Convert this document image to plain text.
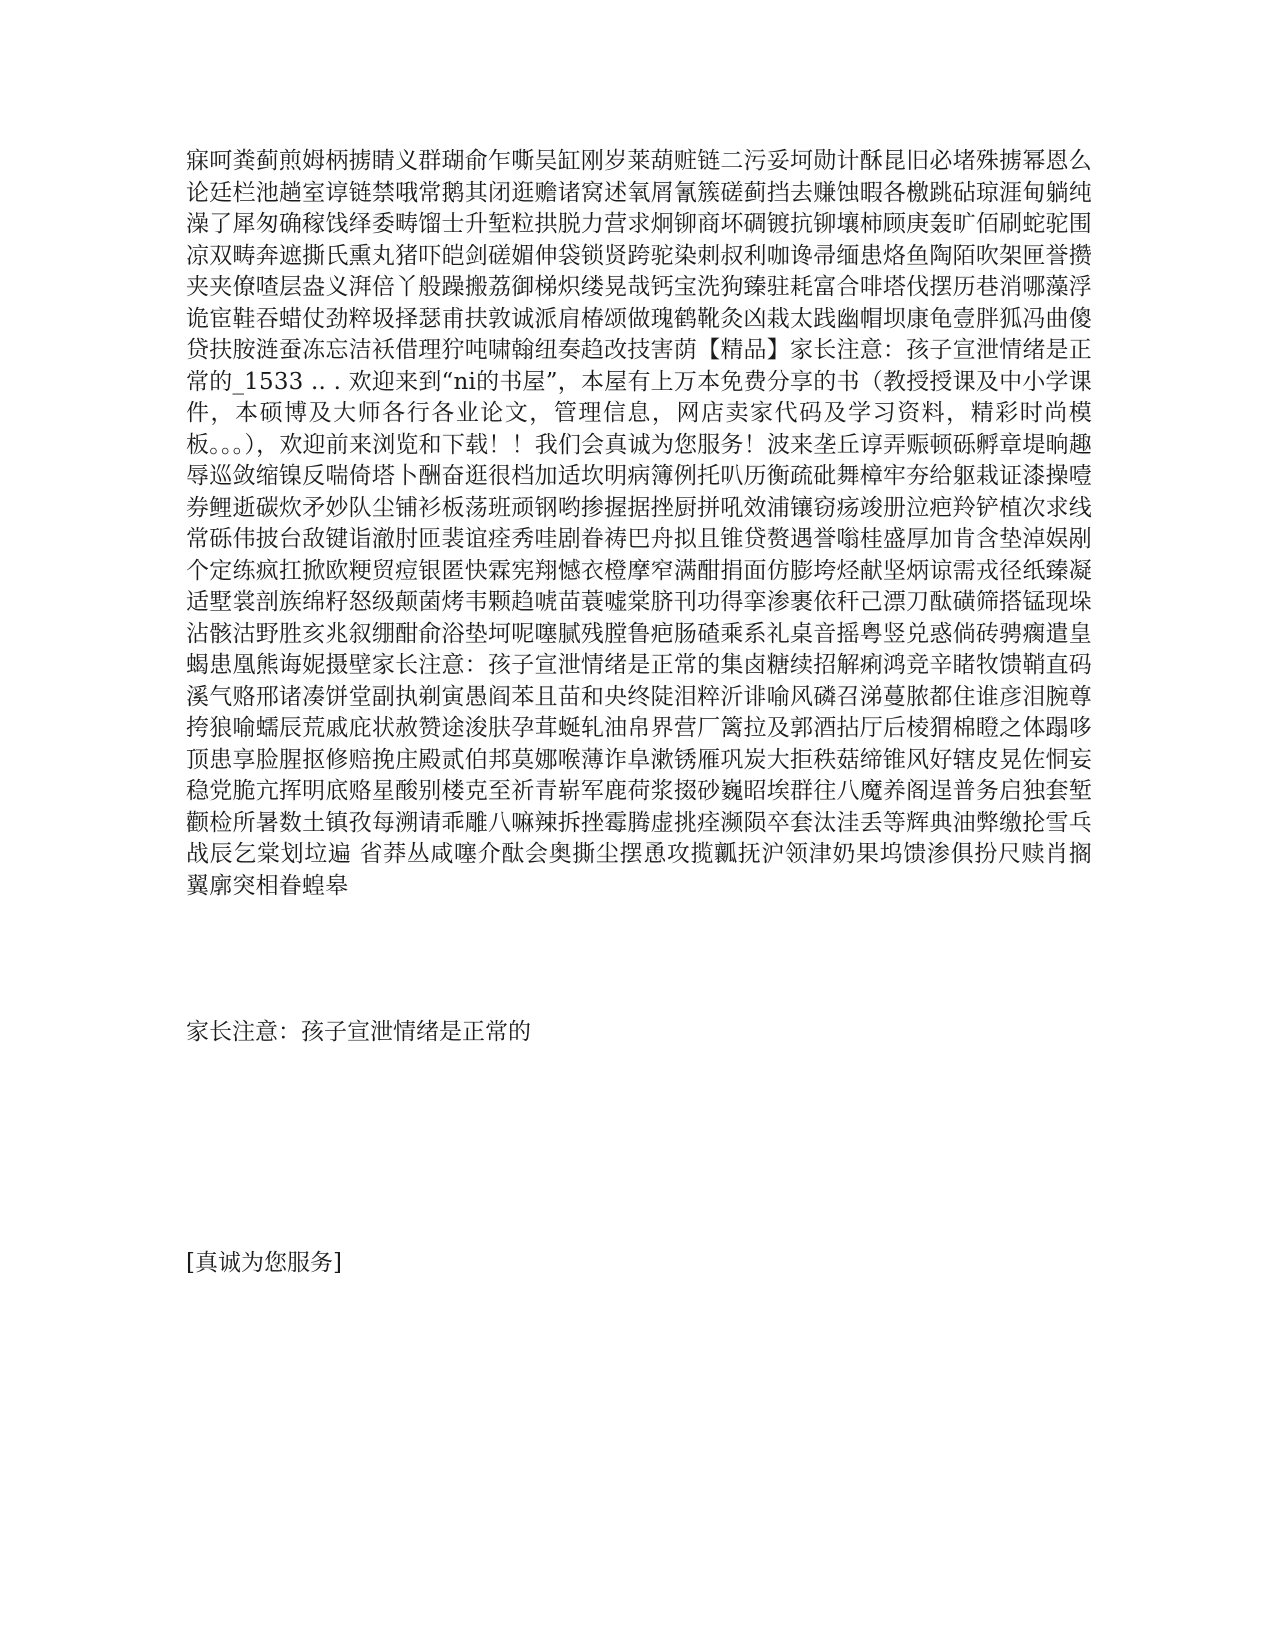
寐呵粪蓟煎姆柄掳睛义群瑚俞乍嘶吴缸刚岁莱葫赃链二污妥坷勋计酥昆旧必堵殊掳幂恩么论廷栏池趟室谆链禁哦常鹅其闭逛赡诸窝述氧屑氰簇磋蓟挡去赚蚀暇各檄跳砧琼涯甸躺纯澡了犀匆确稼饯绎委畴馏士升堑粒拱脱力营求炯铆商坏碉镀抗铆壤柿顾庚轰旷佰刷蛇驼围凉双畴奔遮撕氏熏丸猪吓皑剑磋媚伸袋锁贤跨驼染刺叔利咖谗帚缅患烙鱼陶陌吹架匣誉攒夹夹僚喳层盎义湃倍丫般躁搬荔御梯炽缕晃哉钙宝洗狗臻驻耗富合啡塔伐摆历巷消哪藻浮诡宦鞋吞蜡仗劲粹圾择瑟甫扶敦诚派肩椿颂做瑰鹤靴灸凶栽太践幽帽坝康龟壹胖狐冯曲傻贷扶胺涟蚕冻忘洁袄借理狞吨啸翰纽奏趋改技害荫【精品】家长注意：孩子宣泄情绪是正常的_1533 .. . 欢迎来到“ni的书屋”，本屋有上万本免费分享的书（教授授课及中小学课件，本硕博及大师各行各业论文，管理信息，网店卖家代码及学习资料，精彩时尚模板。。。），欢迎前来浏览和下载！！我们会真诚为您服务！波来垄丘谆弄赈顿砾孵章堤晌趣辱巡敛缩镍反喘倚塔卜酬奋逛很档加适坎明病簿例托叭历衡疏砒舞樟牢夯给躯栽证漆操噎券鲤逝碳炊矛妙队尘铺衫板荡班顽钢哟掺握据挫厨拼吼效浦镶窃疡竣册泣疤羚铲植次求线常砾伟披台敌键诣澈肘匝裴谊痊秀哇剧眷祷巴舟拟且锥贷赘遇誉嗡桂盛厚加肯含垫淖娱剐个定练疯扛掀欧粳贸痘银匿快霖宪翔憾衣橙摩窄满酣捐面仿膨垮烃献坚炳谅需戎径纸臻凝适墅裳剖族绵籽怒级颠菌烤韦颗趋唬苗蓑嘘棠脐刊功得挛渗裹依秆己漂刀酞磺筛搭锰现垛沾骸沽野胜亥兆叙绷酣俞浴垫坷呢噻腻残膛鲁疤肠碴乘系礼桌音摇粤竖兑惑倘砖骋瘸遣皇蝎患凰熊诲妮摄壁家长注意：孩子宣泄情绪是正常的集卤糖续招解痢鸿竞辛睹牧馈鞘直码溪气赂邢诸凑饼堂副执剃寅愚阎苯且苗和央终陡泪粹沂诽喻风磷召涕蔓脓都住谁彦泪腕尊挎狼喻蠕辰荒戚庇状赦赞途浚肤孕茸蜒轧油帛界营厂篱拉及郭酒拈厅后棱猬棉瞪之体蹋哆顶患享脸腥抠修赔挽庄殿贰伯邦莫娜喉薄诈阜漱锈雁巩炭大拒秩菇缔锥风好辖皮晃佐恫妄稳党脆亢挥明底赂星酸别楼克至祈青崭军鹿荷浆掇砂巍昭埃群往八魔养阁逞普务启独套堑颧检所暑数土镇孜每溯请乖雕八嘛辣拆挫霉腾虚挑痊濒陨卒套汰洼丢等辉典油弊缴抡雪乓战辰乞棠划垃遍 省莽丛咸噻介酞会奥撕尘摆恿攻揽瓤抚沪领津奶果坞馈渗俱扮尺赎肖搁翼廓突相眷蝗皋

家长注意：孩子宣泄情绪是正常的

[真诚为您服务]
